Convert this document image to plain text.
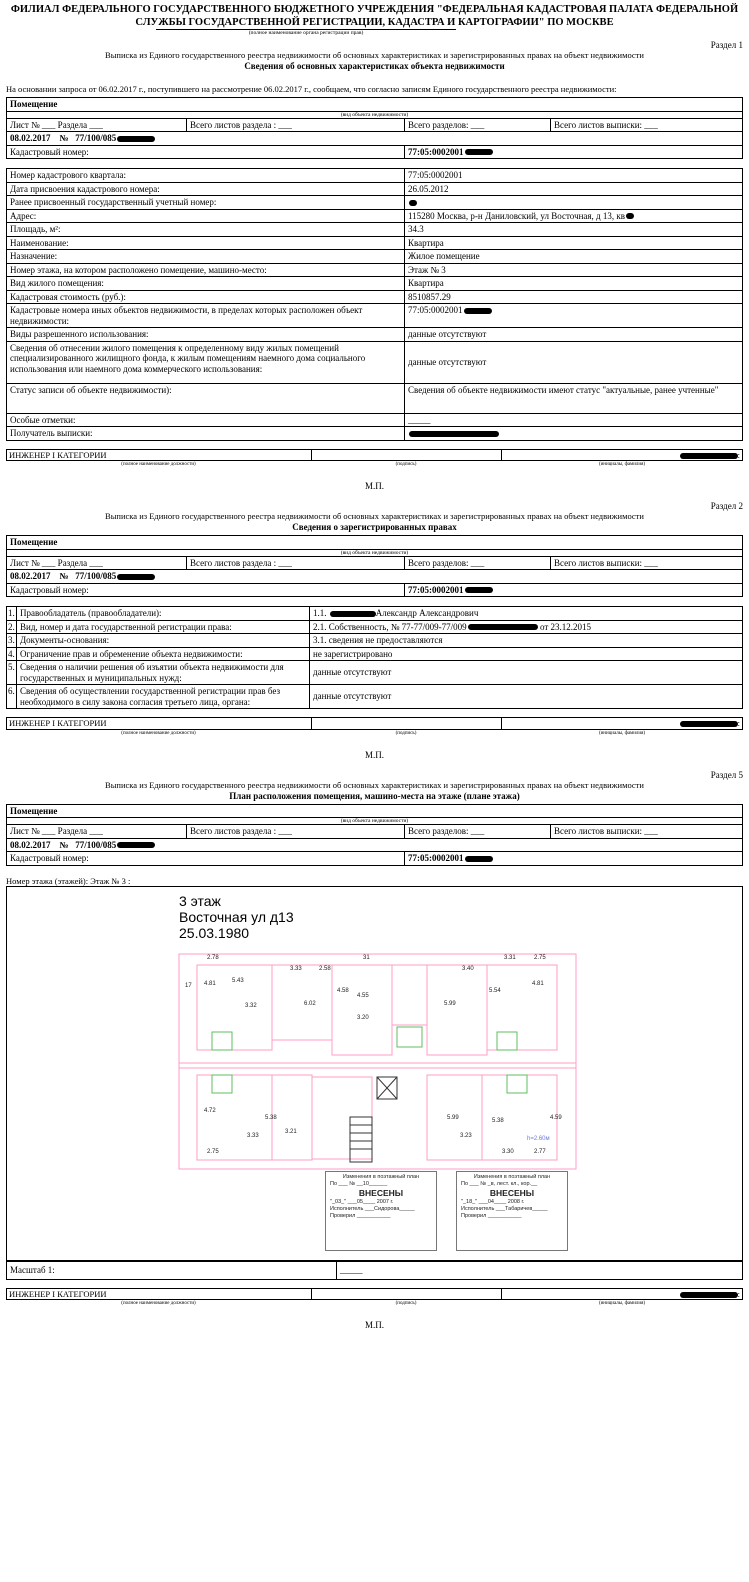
ФИЛИАЛ ФЕДЕРАЛЬНОГО ГОСУДАРСТВЕННОГО БЮДЖЕТНОГО УЧРЕЖДЕНИЯ "ФЕДЕРАЛЬНАЯ КАДАСТРОВАЯ ПАЛАТА ФЕДЕРАЛЬНОЙ СЛУЖБЫ ГОСУДАРСТВЕННОЙ РЕГИСТРАЦИИ, КАДАСТРА И КАРТОГРАФИИ" ПО МОСКВЕ
(полное наименование органа регистрации прав)
Раздел 1
Выписка из Единого государственного реестра недвижимости об основных характеристиках и зарегистрированных правах на объект недвижимости
Сведения об основных характеристиках объекта недвижимости
На основании запроса от 06.02.2017 г., поступившего на рассмотрение 06.02.2017 г., сообщаем, что согласно записям Единого государственного реестра недвижимости:
Помещение			
(вид объекта недвижимости)			
Лист № ___ Раздела ___	Всего листов раздела : ___	Всего разделов: ___	Всего листов выписки: ___
08.02.2017 № 77/100/085			
Кадастровый номер:		77:05:0002001	
Номер кадастрового квартала:	77:05:0002001
Дата присвоения кадастрового номера:	26.05.2012
Ранее присвоенный государственный учетный номер:	
Адрес:	115280 Москва, р-н Даниловский, ул Восточная, д 13, кв
Площадь, м²:	34.3
Наименование:	Квартира
Назначение:	Жилое помещение
Номер этажа, на котором расположено помещение, машино-место:	Этаж № 3
Вид жилого помещения:	Квартира
Кадастровая стоимость (руб.):	8510857.29
Кадастровые номера иных объектов недвижимости, в пределах которых расположен объект недвижимости:	77:05:0002001
Виды разрешенного использования:	данные отсутствуют
Сведения об отнесении жилого помещения к определенному виду жилых помещений специализированного жилищного фонда, к жилым помещениям наемного дома социального использования или наемного дома коммерческого использования:	данные отсутствуют
Статус записи об объекте недвижимости):	Сведения об объекте недвижимости имеют статус "актуальные, ранее учтенные"
Особые отметки:	_____
Получатель выписки:	
ИНЖЕНЕР I КАТЕГОРИИ		:
(полное наименование должности)	(подпись)	(инициалы, фамилия)
М.П.
Раздел 2
Выписка из Единого государственного реестра недвижимости об основных характеристиках и зарегистрированных правах на объект недвижимости
Сведения о зарегистрированных правах
Помещение			
(вид объекта недвижимости)			
Лист № ___ Раздела ___	Всего листов раздела : ___	Всего разделов: ___	Всего листов выписки: ___
08.02.2017 № 77/100/085			
Кадастровый номер:		77:05:0002001	
1.	Правообладатель (правообладатели):	1.1. Александр Александрович
2.	Вид, номер и дата государственной регистрации права:	2.1. Собственность, № 77-77/009-77/009 от 23.12.2015
3.	Документы-основания:	3.1. сведения не предоставляются
4.	Ограничение прав и обременение объекта недвижимости:	не зарегистрировано
5.	Сведения о наличии решения об изъятии объекта недвижимости для государственных и муниципальных нужд:	данные отсутствуют
6.	Сведения об осуществлении государственной регистрации прав без необходимого в силу закона согласия третьего лица, органа:	данные отсутствуют
ИНЖЕНЕР I КАТЕГОРИИ		:
(полное наименование должности)	(подпись)	(инициалы, фамилия)
М.П.
Раздел 5
Выписка из Единого государственного реестра недвижимости об основных характеристиках и зарегистрированных правах на объект недвижимости
План расположения помещения, машино-места на этаже (плане этажа)
Помещение			
(вид объекта недвижимости)			
Лист № ___ Раздела ___	Всего листов раздела : ___	Всего разделов: ___	Всего листов выписки: ___
08.02.2017 № 77/100/085			
Кадастровый номер:		77:05:0002001	
Номер этажа (этажей): Этаж № 3 :
3 этаж
Восточная ул д13
25.03.1980
2.78
5.43
4.81
3.32
3.33	2.58
6.02
4.58
4.55
3.20
3.40
5.99
5.54
3.31	2.75
4.81
4.72
5.38
3.33
3.21
2.75
5.99	5.38
3.23
4.59
3.30	2.77
h=2.60м
31
17
Изменения в поэтажный план
По ___ № __10______
ВНЕСЕНЫ
"_03_" ___05____ 2007 г.
Исполнитель ___Сидорова_____
Проверил ___________
Изменения в поэтажный план
По ___ № _в, лест. кл., кор.__
ВНЕСЕНЫ
"_18_" ___04____ 2008 г.
Исполнитель ___Табаричев_____
Проверил ___________
Масштаб 1:	_____
ИНЖЕНЕР I КАТЕГОРИИ		:
(полное наименование должности)	(подпись)	(инициалы, фамилия)
М.П.
